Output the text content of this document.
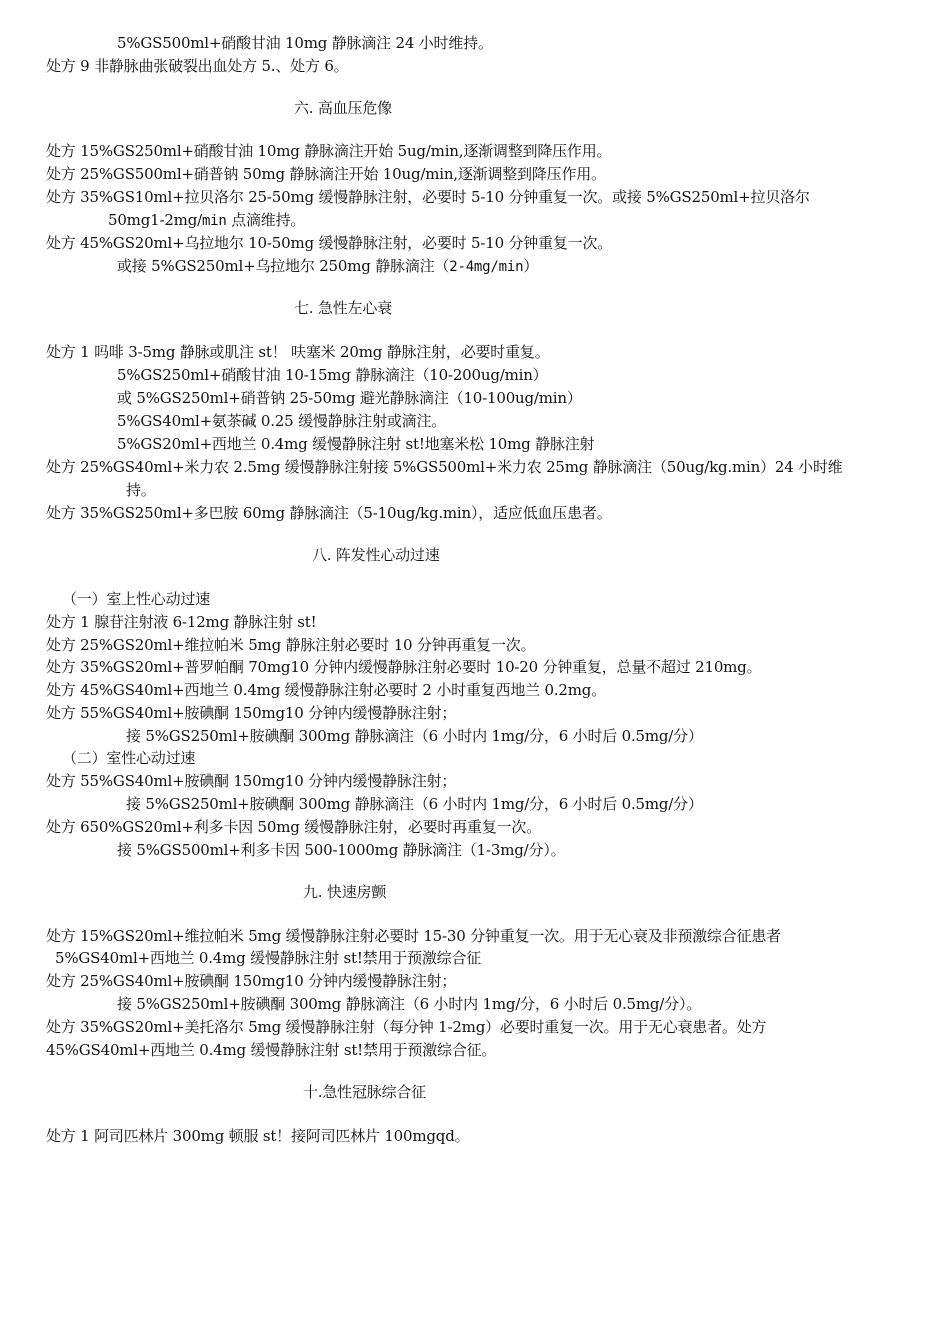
5%GS500ml+硝酸甘油 10mg 静脉滴注 24 小时维持。
处方 9 非静脉曲张破裂出血处方 5.、处方 6。
六. 高血压危像
处方 15%GS250ml+硝酸甘油 10mg 静脉滴注开始 5ug/min,逐渐调整到降压作用。
处方 25%GS500ml+硝普钠 50mg 静脉滴注开始 10ug/min,逐渐调整到降压作用。
处方 35%GS10ml+拉贝洛尔 25-50mg 缓慢静脉注射，必要时 5-10 分钟重复一次。或接 5%GS250ml+拉贝洛尔
50mg1-2mg/min 点滴维持。
处方 45%GS20ml+乌拉地尔 10-50mg 缓慢静脉注射，必要时 5-10 分钟重复一次。
或接 5%GS250ml+乌拉地尔 250mg 静脉滴注（2-4mg/min）
七. 急性左心衰
处方 1 吗啡 3-5mg 静脉或肌注 st！ 呋塞米 20mg 静脉注射，必要时重复。
5%GS250ml+硝酸甘油 10-15mg 静脉滴注（10-200ug/min）
或 5%GS250ml+硝普钠 25-50mg 避光静脉滴注（10-100ug/min）
5%GS40ml+氨茶碱 0.25 缓慢静脉注射或滴注。
5%GS20ml+西地兰 0.4mg 缓慢静脉注射 st!地塞米松 10mg 静脉注射
处方 25%GS40ml+米力农 2.5mg 缓慢静脉注射接 5%GS500ml+米力农 25mg 静脉滴注（50ug/kg.min）24 小时维
持。
处方 35%GS250ml+多巴胺 60mg 静脉滴注（5-10ug/kg.min），适应低血压患者。
八. 阵发性心动过速
（一）室上性心动过速
处方 1 腺苷注射液 6-12mg 静脉注射 st!
处方 25%GS20ml+维拉帕米 5mg 静脉注射必要时 10 分钟再重复一次。
处方 35%GS20ml+普罗帕酮 70mg10 分钟内缓慢静脉注射必要时 10-20 分钟重复，总量不超过 210mg。
处方 45%GS40ml+西地兰 0.4mg 缓慢静脉注射必要时 2 小时重复西地兰 0.2mg。
处方 55%GS40ml+胺碘酮 150mg10 分钟内缓慢静脉注射；
接 5%GS250ml+胺碘酮 300mg 静脉滴注（6 小时内 1mg/分，6 小时后 0.5mg/分）
（二）室性心动过速
处方 55%GS40ml+胺碘酮 150mg10 分钟内缓慢静脉注射；
接 5%GS250ml+胺碘酮 300mg 静脉滴注（6 小时内 1mg/分，6 小时后 0.5mg/分）
处方 650%GS20ml+利多卡因 50mg 缓慢静脉注射，必要时再重复一次。
接 5%GS500ml+利多卡因 500-1000mg 静脉滴注（1-3mg/分）。
九. 快速房颤
处方 15%GS20ml+维拉帕米 5mg 缓慢静脉注射必要时 15-30 分钟重复一次。用于无心衰及非预激综合征患者
5%GS40ml+西地兰 0.4mg 缓慢静脉注射 st!禁用于预激综合征
处方 25%GS40ml+胺碘酮 150mg10 分钟内缓慢静脉注射；
接 5%GS250ml+胺碘酮 300mg 静脉滴注（6 小时内 1mg/分，6 小时后 0.5mg/分）。
处方 35%GS20ml+美托洛尔 5mg 缓慢静脉注射（每分钟 1-2mg）必要时重复一次。用于无心衰患者。处方
45%GS40ml+西地兰 0.4mg 缓慢静脉注射 st!禁用于预激综合征。
十.急性冠脉综合征
处方 1 阿司匹林片 300mg 顿服 st！接阿司匹林片 100mgqd。
